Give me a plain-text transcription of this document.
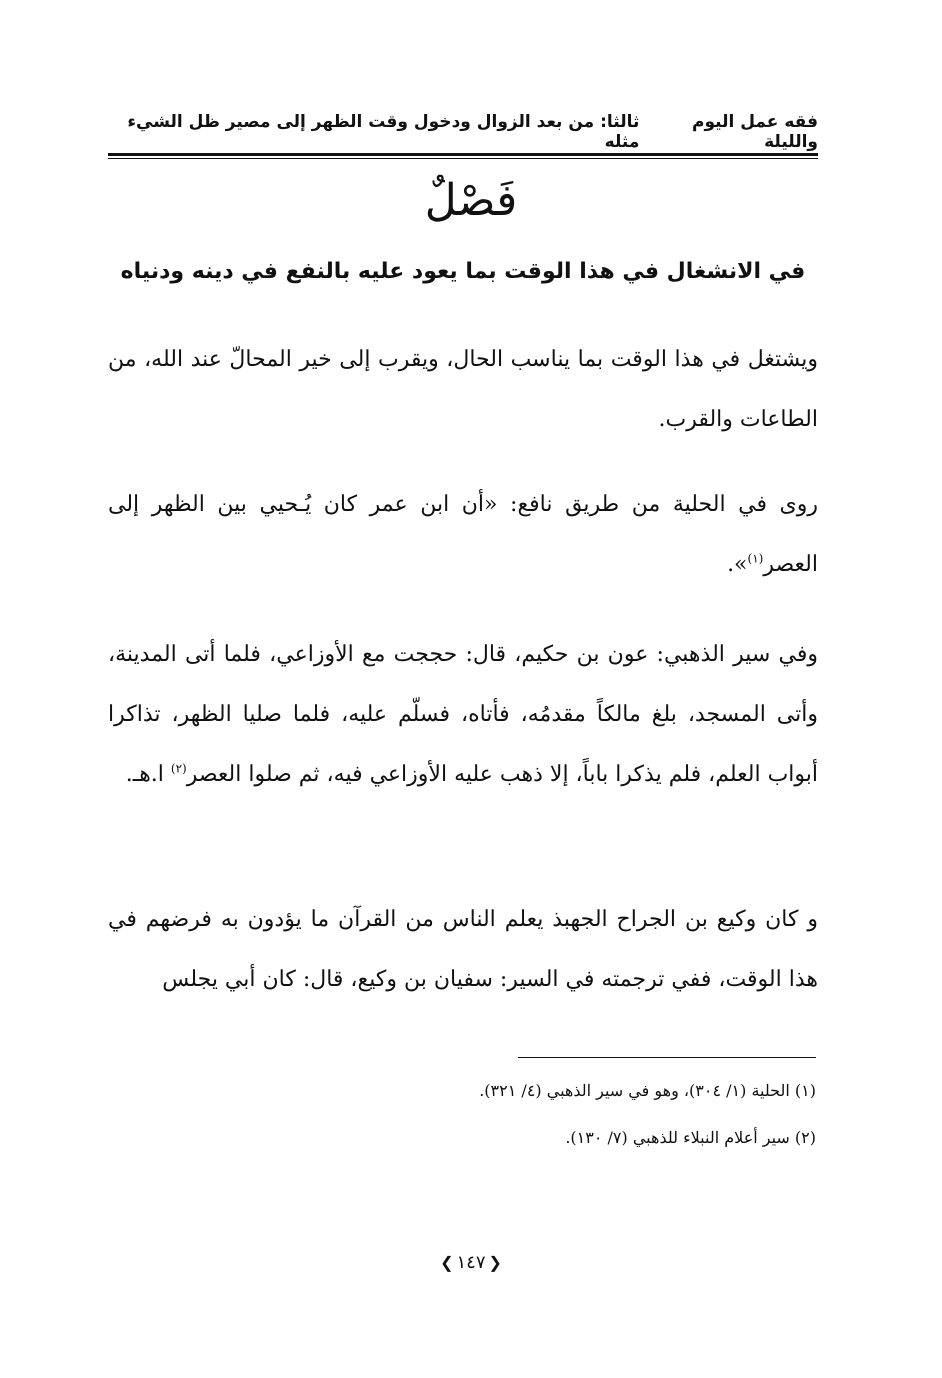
فقه عمل اليوم والليلة
ثالثا: من بعد الزوال ودخول وقت الظهر إلى مصير ظل الشيء مثله
فَصْلٌ
في الانشغال في هذا الوقت بما يعود عليه بالنفع في دينه ودنياه
ويشتغل في هذا الوقت بما يناسب الحال، ويقرب إلى خير المحالّ عند الله، من الطاعات والقرب.
روى في الحلية من طريق نافع: «أن ابن عمر كان يُـحيي بين الظهر إلى العصر$^{(١)}$».
وفي سير الذهبي: عون بن حكيم، قال: حججت مع الأوزاعي، فلما أتى المدينة، وأتى المسجد، بلغ مالكاً مقدمُه، فأتاه، فسلّم عليه، فلما صليا الظهر، تذاكرا أبواب العلم، فلم يذكرا باباً، إلا ذهب عليه الأوزاعي فيه، ثم صلوا العصر$^{(٢)}$ ا.هـ.
و كان وكيع بن الجراح الجهبذ يعلم الناس من القرآن ما يؤدون به فرضهم في هذا الوقت، ففي ترجمته في السير: سفيان بن وكيع، قال: كان أبي يجلس
(١) الحلية (١/ ٣٠٤)، وهو في سير الذهبي (٤/ ٣٢١).
(٢) سير أعلام النبلاء للذهبي (٧/ ١٣٠).
❮١٤٧❯
